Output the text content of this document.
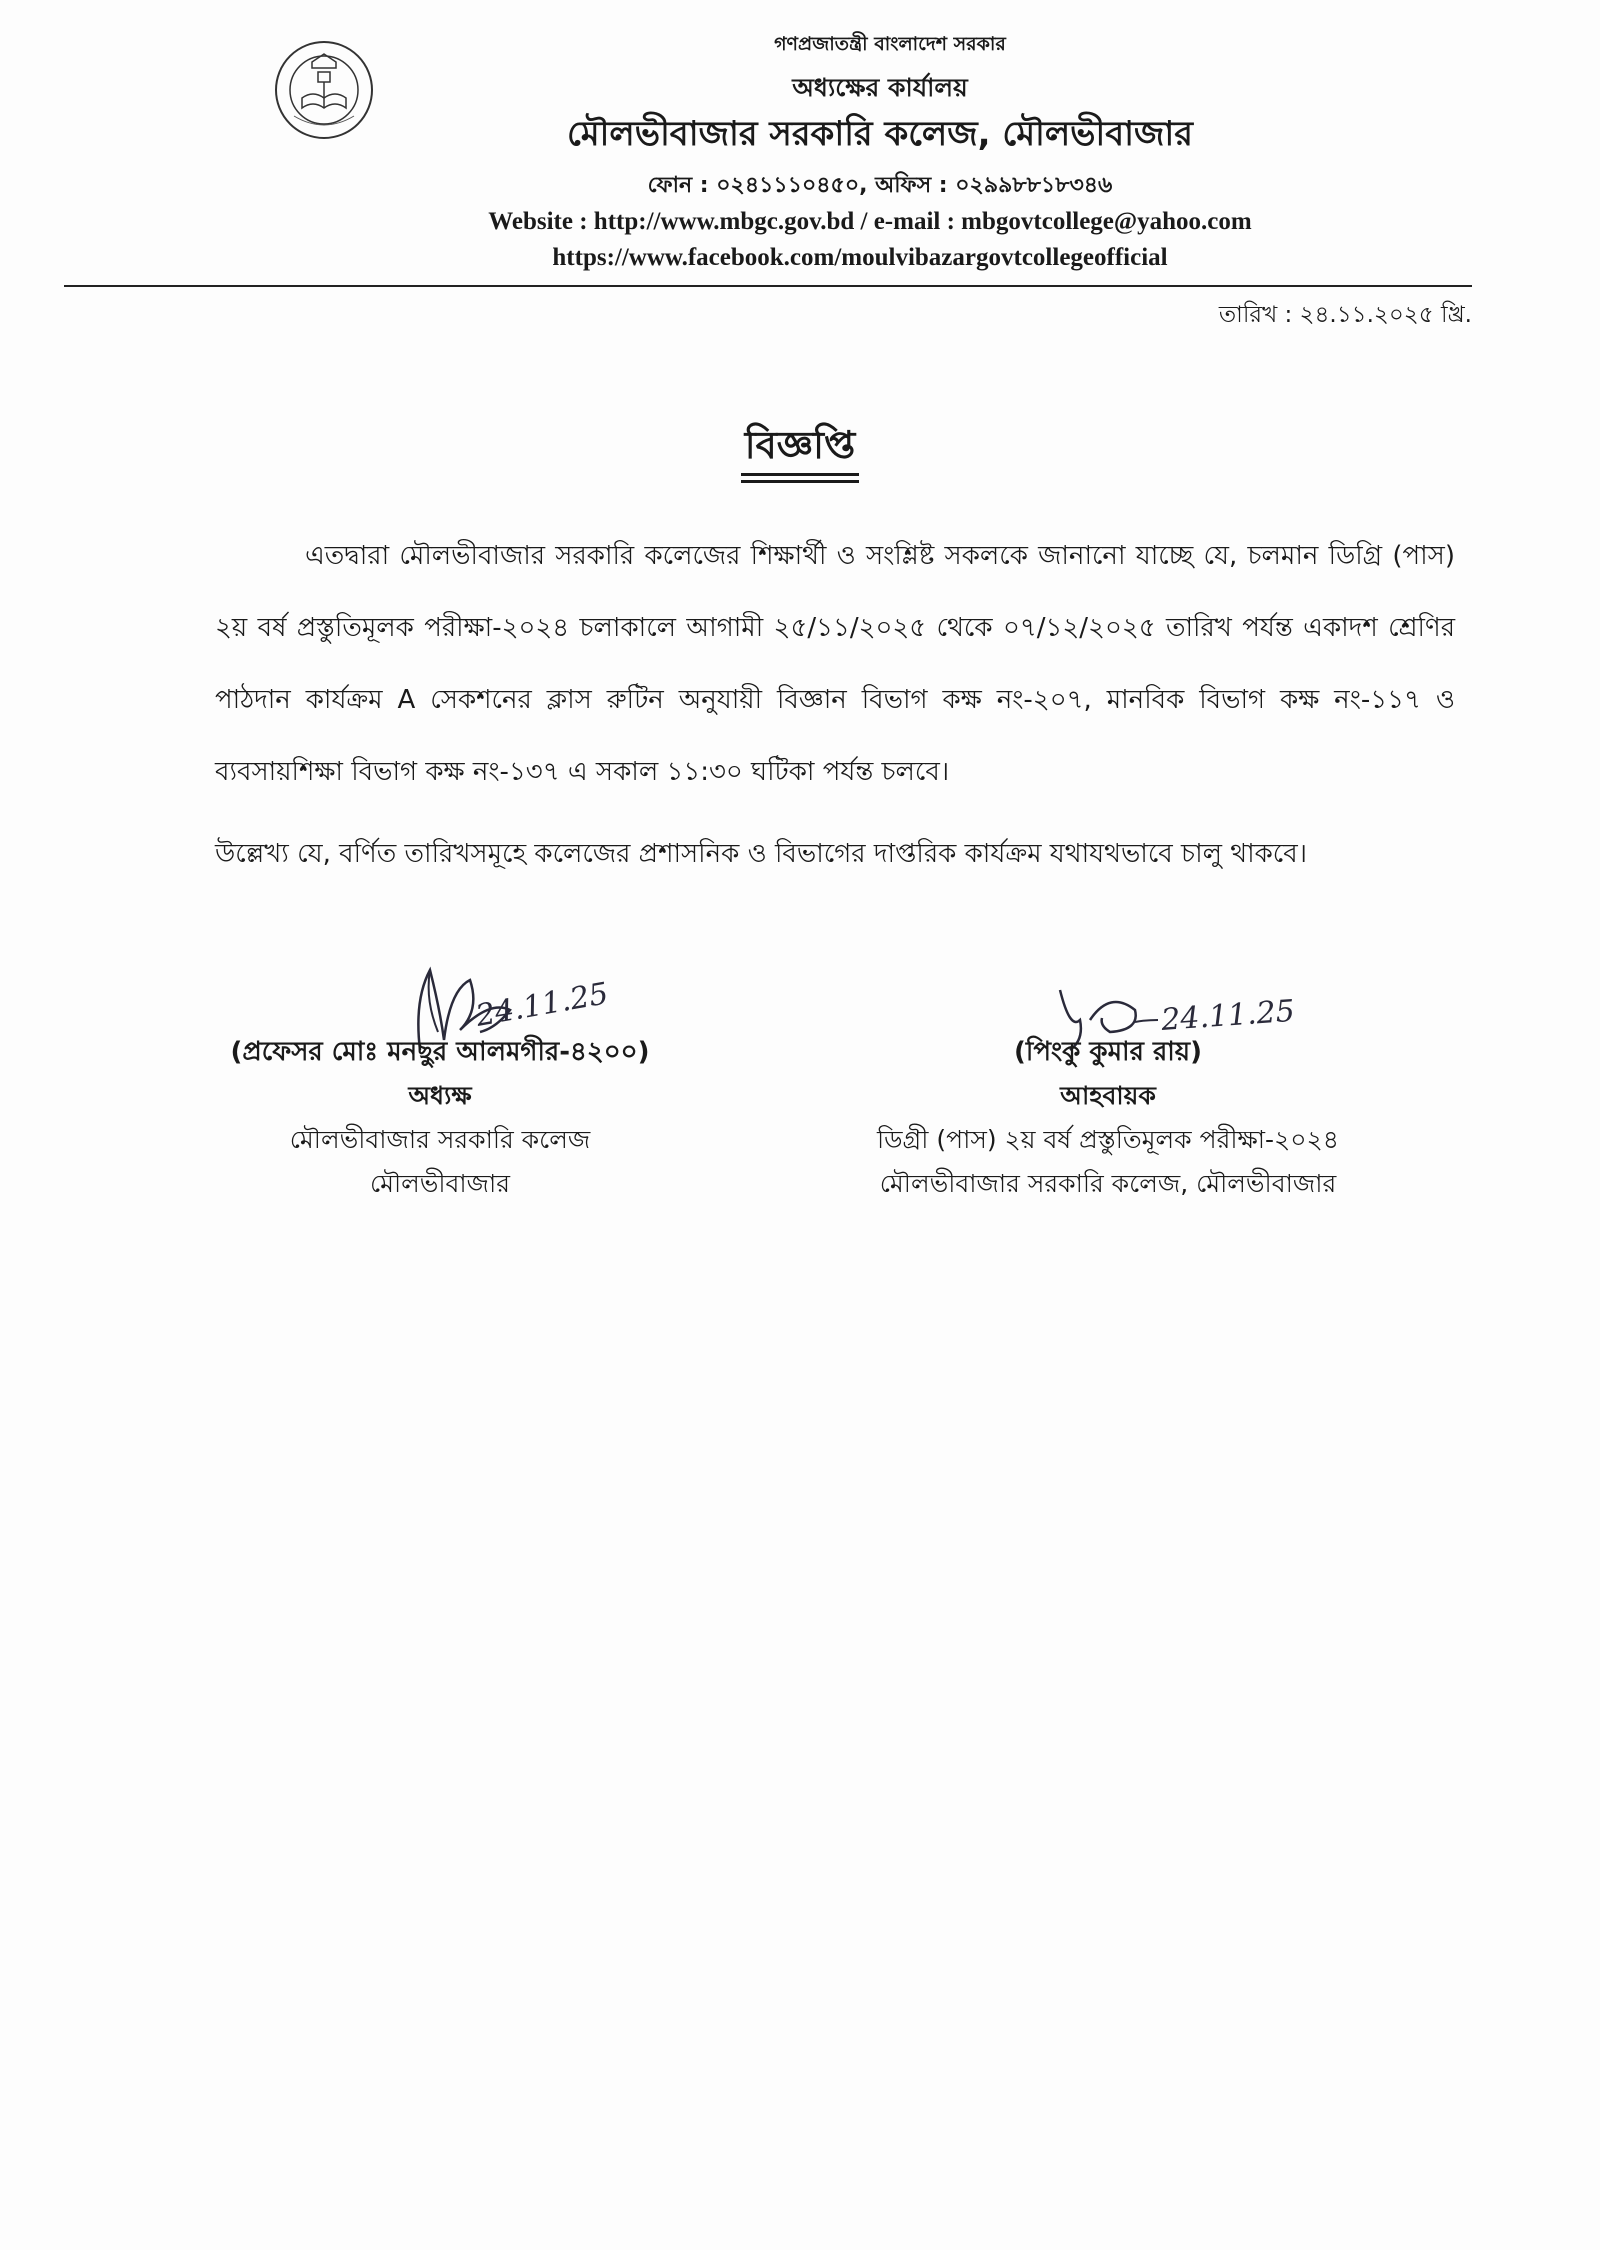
গণপ্রজাতন্ত্রী বাংলাদেশ সরকার
অধ্যক্ষের কার্যালয়
মৌলভীবাজার সরকারি কলেজ, মৌলভীবাজার
ফোন : ০২৪১১১০৪৫০, অফিস : ০২৯৯৮৮১৮৩৪৬
Website : http://www.mbgc.gov.bd / e-mail : mbgovtcollege@yahoo.com
https://www.facebook.com/moulvibazargovtcollegeofficial
তারিখ : ২৪.১১.২০২৫ খ্রি.
বিজ্ঞপ্তি

এতদ্বারা মৌলভীবাজার সরকারি কলেজের শিক্ষার্থী ও সংশ্লিষ্ট সকলকে জানানো যাচ্ছে যে, চলমান ডিগ্রি (পাস) ২য় বর্ষ প্রস্তুতিমূলক পরীক্ষা-২০২৪ চলাকালে আগামী ২৫/১১/২০২৫ থেকে ০৭/১২/২০২৫ তারিখ পর্যন্ত একাদশ শ্রেণির পাঠদান কার্যক্রম A সেকশনের ক্লাস রুটিন অনুযায়ী বিজ্ঞান বিভাগ কক্ষ নং-২০৭, মানবিক বিভাগ কক্ষ নং-১১৭ ও ব্যবসায়শিক্ষা বিভাগ কক্ষ নং-১৩৭ এ সকাল ১১:৩০ ঘটিকা পর্যন্ত চলবে।

উল্লেখ্য যে, বর্ণিত তারিখসমূহে কলেজের প্রশাসনিক ও বিভাগের দাপ্তরিক কার্যক্রম যথাযথভাবে চালু থাকবে।

24.11.25	24.11.25
(প্রফেসর মোঃ মনছুর আলমগীর-৪২০০)
অধ্যক্ষ
মৌলভীবাজার সরকারি কলেজ
মৌলভীবাজার
(পিংকু কুমার রায়)
আহবায়ক
ডিগ্রী (পাস) ২য় বর্ষ প্রস্তুতিমূলক পরীক্ষা-২০২৪
মৌলভীবাজার সরকারি কলেজ, মৌলভীবাজার
